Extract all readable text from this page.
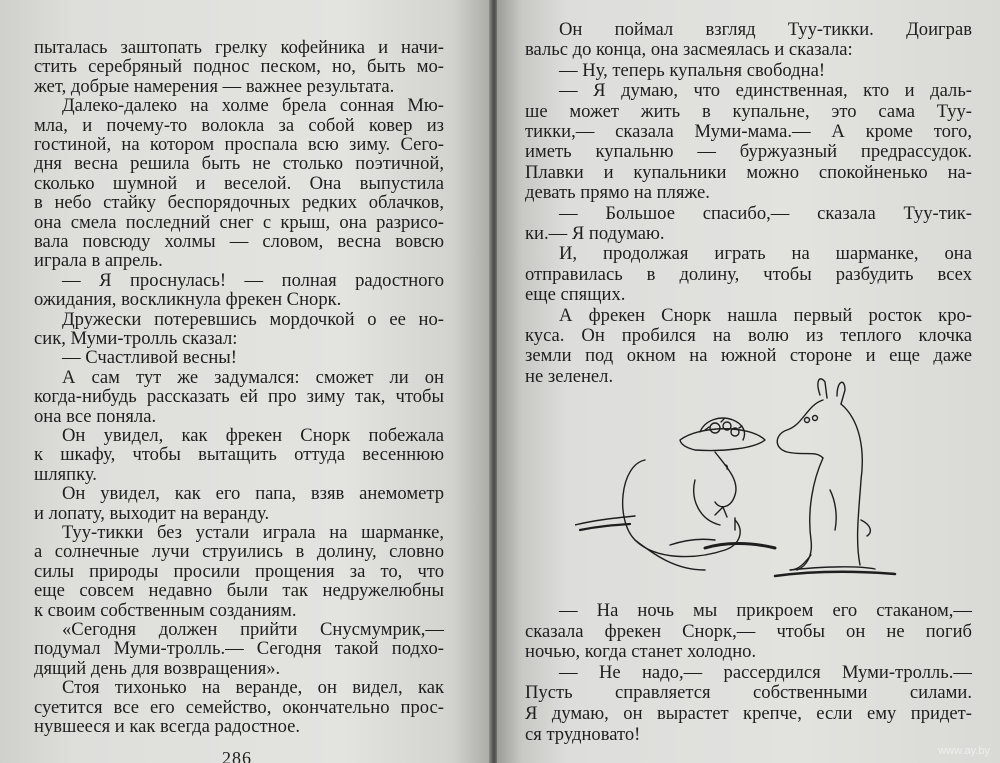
286
пыталась заштопать грелку кофейника и начи-
стить серебряный поднос песком, но, быть мо-
жет, добрые намерения — важнее результата.
Далеко-далеко на холме брела сонная Мю-
мла, и почему-то волокла за собой ковер из
гостиной, на котором проспала всю зиму. Сего-
дня весна решила быть не столько поэтичной,
сколько шумной и веселой. Она выпустила
в небо стайку беспорядочных редких облачков,
она смела последний снег с крыш, она разрисо-
вала повсюду холмы — словом, весна вовсю
играла в апрель.
— Я проснулась! — полная радостного
ожидания, воскликнула фрекен Снорк.
Дружески потеревшись мордочкой о ее но-
сик, Муми-тролль сказал:
— Счастливой весны!
А сам тут же задумался: сможет ли он
когда-нибудь рассказать ей про зиму так, чтобы
она все поняла.
Он увидел, как фрекен Снорк побежала
к шкафу, чтобы вытащить оттуда весеннюю
шляпку.
Он увидел, как его папа, взяв анемометр
и лопату, выходит на веранду.
Туу-тикки без устали играла на шарманке,
а солнечные лучи струились в долину, словно
силы природы просили прощения за то, что
еще совсем недавно были так недружелюбны
к своим собственным созданиям.
«Сегодня должен прийти Снусмумрик,—
подумал Муми-тролль.— Сегодня такой подхо-
дящий день для возвращения».
Стоя тихонько на веранде, он видел, как
суетится все его семейство, окончательно прос-
нувшееся и как всегда радостное.
Он поймал взгляд Туу-тикки. Доиграв
вальс до конца, она засмеялась и сказала:
— Ну, теперь купальня свободна!
— Я думаю, что единственная, кто и даль-
ше может жить в купальне, это сама Туу-
тикки,— сказала Муми-мама.— А кроме того,
иметь купальню — буржуазный предрассудок.
Плавки и купальники можно спокойненько на-
девать прямо на пляже.
— Большое спасибо,— сказала Туу-тик-
ки.— Я подумаю.
И, продолжая играть на шарманке, она
отправилась в долину, чтобы разбудить всех
еще спящих.
А фрекен Снорк нашла первый росток кро-
куса. Он пробился на волю из теплого клочка
земли под окном на южной стороне и еще даже
не зеленел.
— На ночь мы прикроем его стаканом,—
сказала фрекен Снорк,— чтобы он не погиб
ночью, когда станет холодно.
— Не надо,— рассердился Муми-тролль.—
Пусть справляется собственными силами.
Я думаю, он вырастет крепче, если ему придет-
ся трудновато!
www.ay.by
